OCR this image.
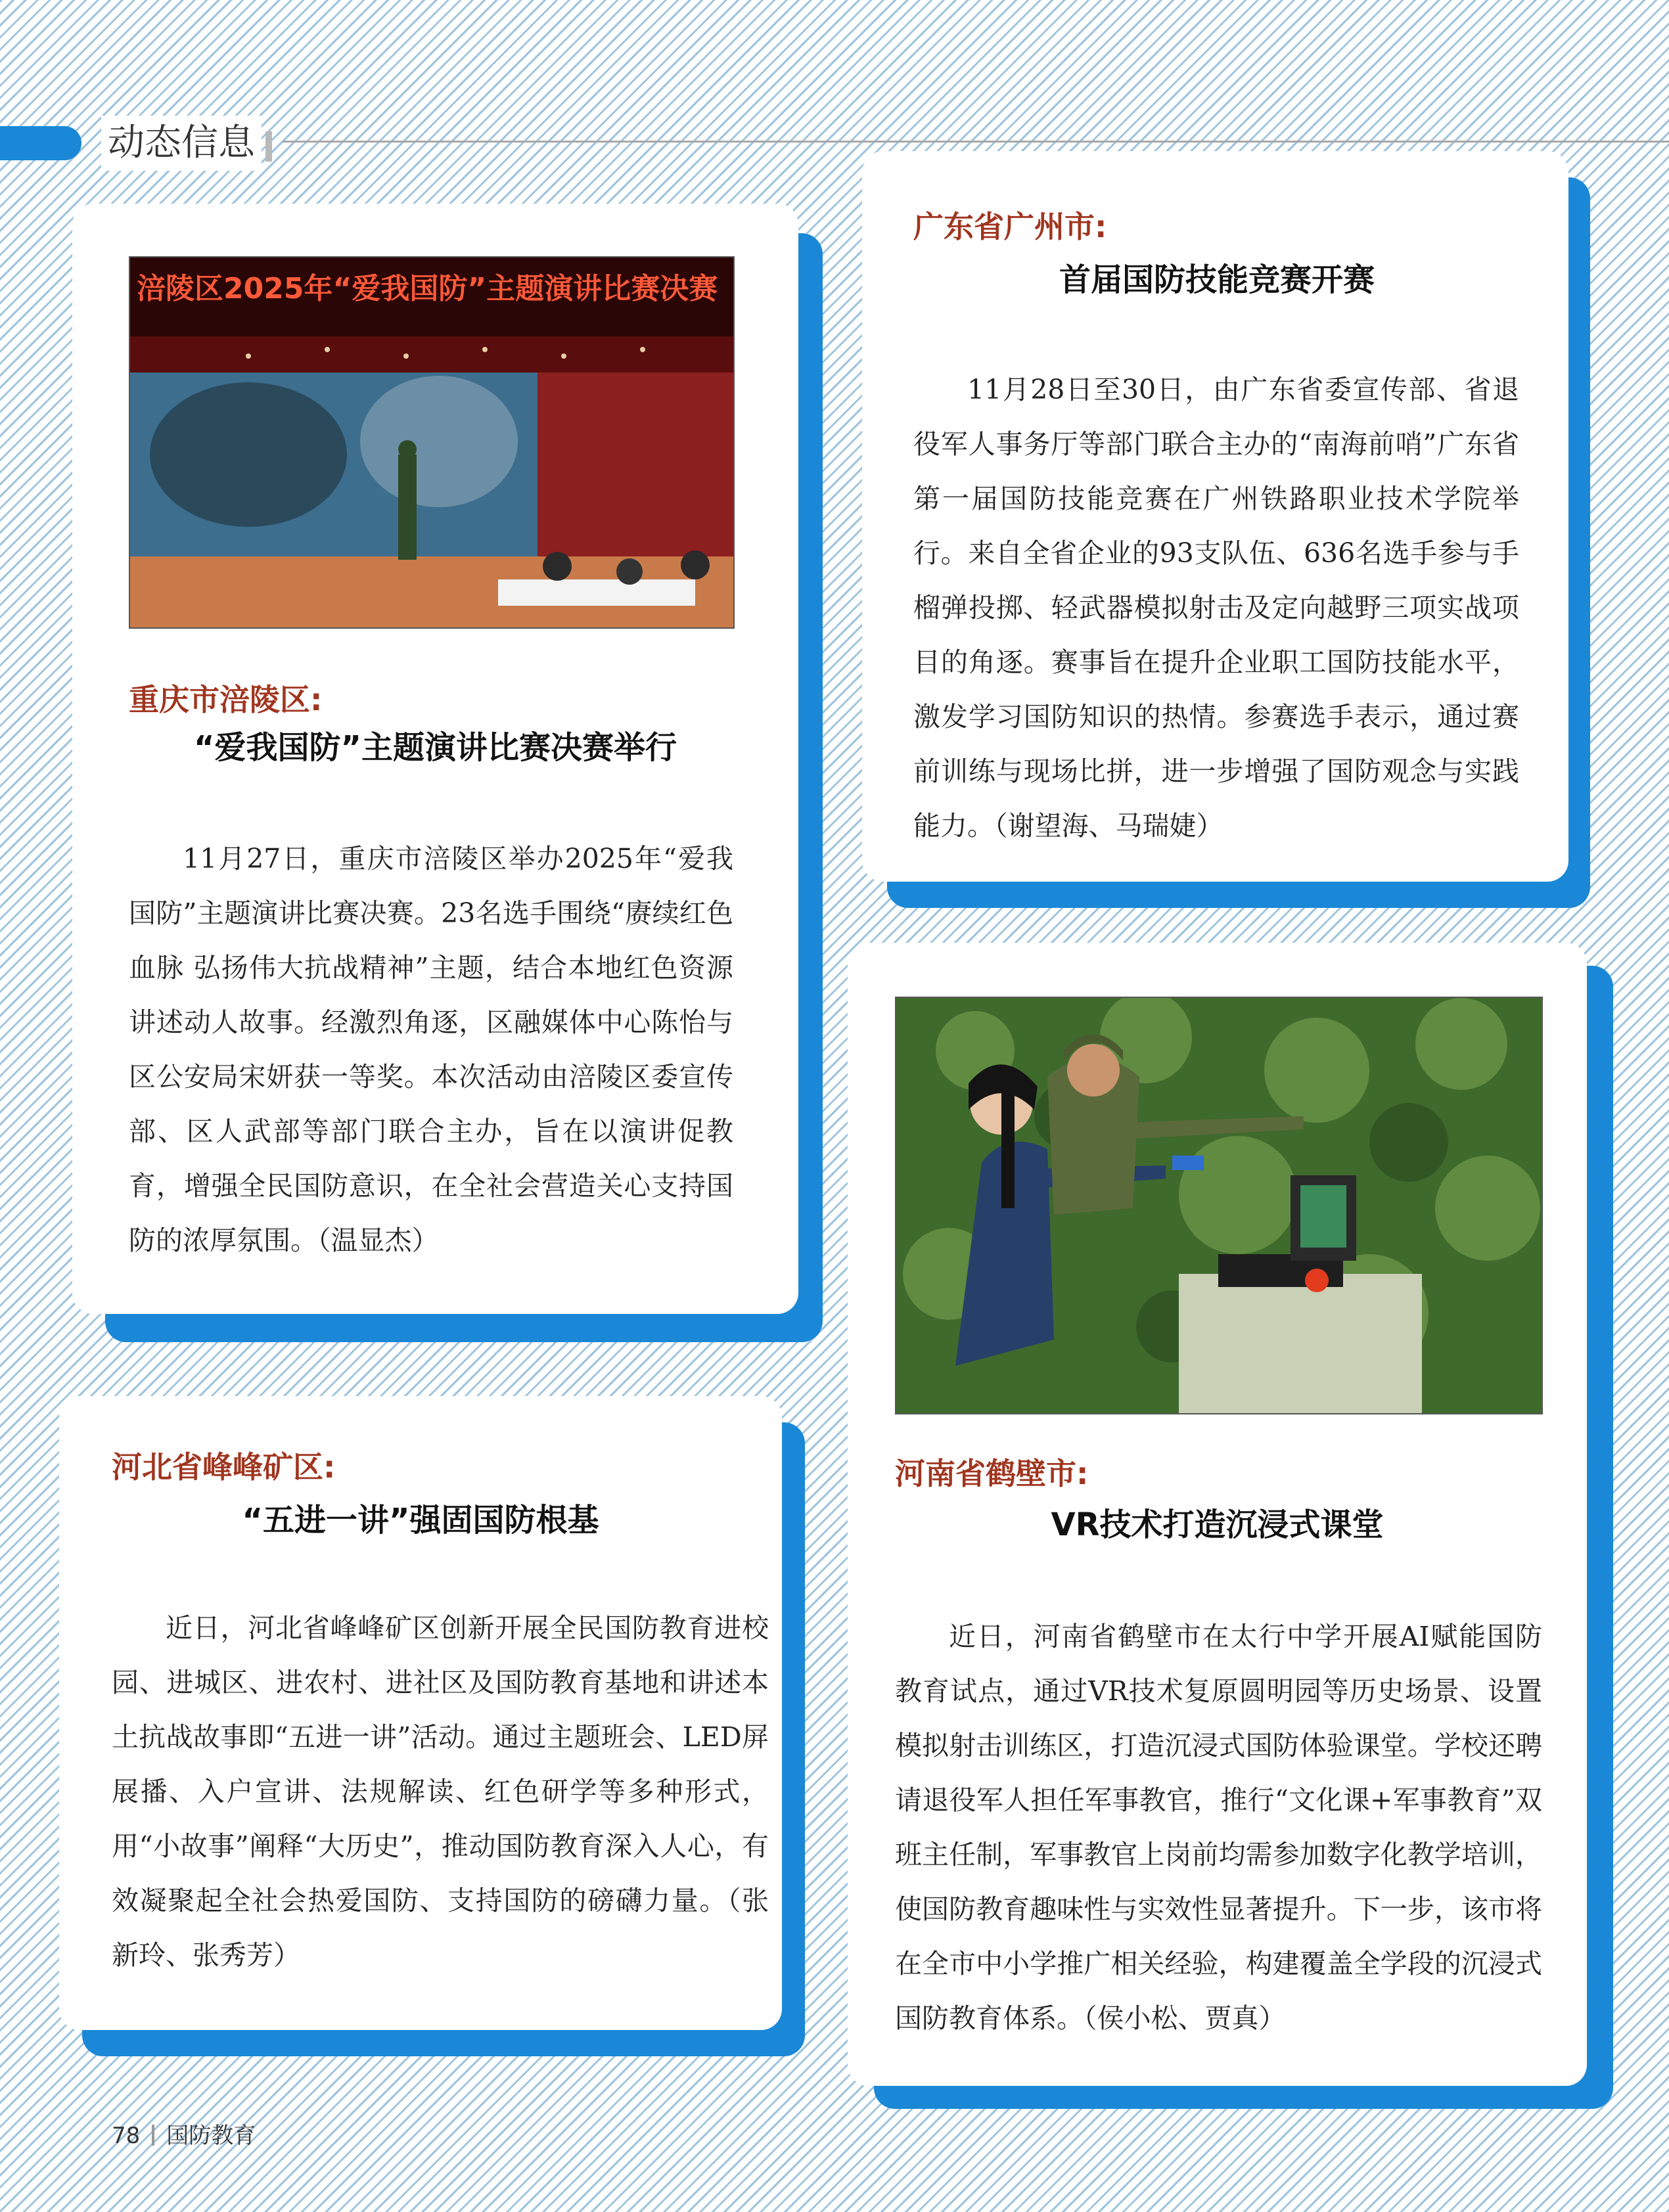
动态信息
涪陵区2025年“爱我国防”主题演讲比赛决赛
重庆市涪陵区:
“爱我国防”主题演讲比赛决赛举行
11月27日，重庆市涪陵区举办2025年“爱我国防”主题演讲比赛决赛。23名选手围绕“赓续红色血脉 弘扬伟大抗战精神”主题，结合本地红色资源讲述动人故事。经激烈角逐，区融媒体中心陈怡与区公安局宋妍获一等奖。本次活动由涪陵区委宣传部、区人武部等部门联合主办，旨在以演讲促教育，增强全民国防意识，在全社会营造关心支持国防的浓厚氛围。（温显杰）
广东省广州市:
首届国防技能竞赛开赛
11月28日至30日，由广东省委宣传部、省退役军人事务厅等部门联合主办的“南海前哨”广东省第一届国防技能竞赛在广州铁路职业技术学院举行。来自全省企业的93支队伍、636名选手参与手榴弹投掷、轻武器模拟射击及定向越野三项实战项目的角逐。赛事旨在提升企业职工国防技能水平，激发学习国防知识的热情。参赛选手表示，通过赛前训练与现场比拼，进一步增强了国防观念与实践能力。（谢望海、马瑞婕）
河北省峰峰矿区:
“五进一讲”强固国防根基
近日，河北省峰峰矿区创新开展全民国防教育进校园、进城区、进农村、进社区及国防教育基地和讲述本土抗战故事即“五进一讲”活动。通过主题班会、LED屏展播、入户宣讲、法规解读、红色研学等多种形式，用“小故事”阐释“大历史”，推动国防教育深入人心，有效凝聚起全社会热爱国防、支持国防的磅礴力量。（张新玲、张秀芳）
河南省鹤壁市:
VR技术打造沉浸式课堂
近日，河南省鹤壁市在太行中学开展AI赋能国防教育试点，通过VR技术复原圆明园等历史场景、设置模拟射击训练区，打造沉浸式国防体验课堂。学校还聘请退役军人担任军事教官，推行“文化课+军事教育”双班主任制，军事教官上岗前均需参加数字化教学培训，使国防教育趣味性与实效性显著提升。下一步，该市将在全市中小学推广相关经验，构建覆盖全学段的沉浸式国防教育体系。（侯小松、贾真）
78 国防教育
